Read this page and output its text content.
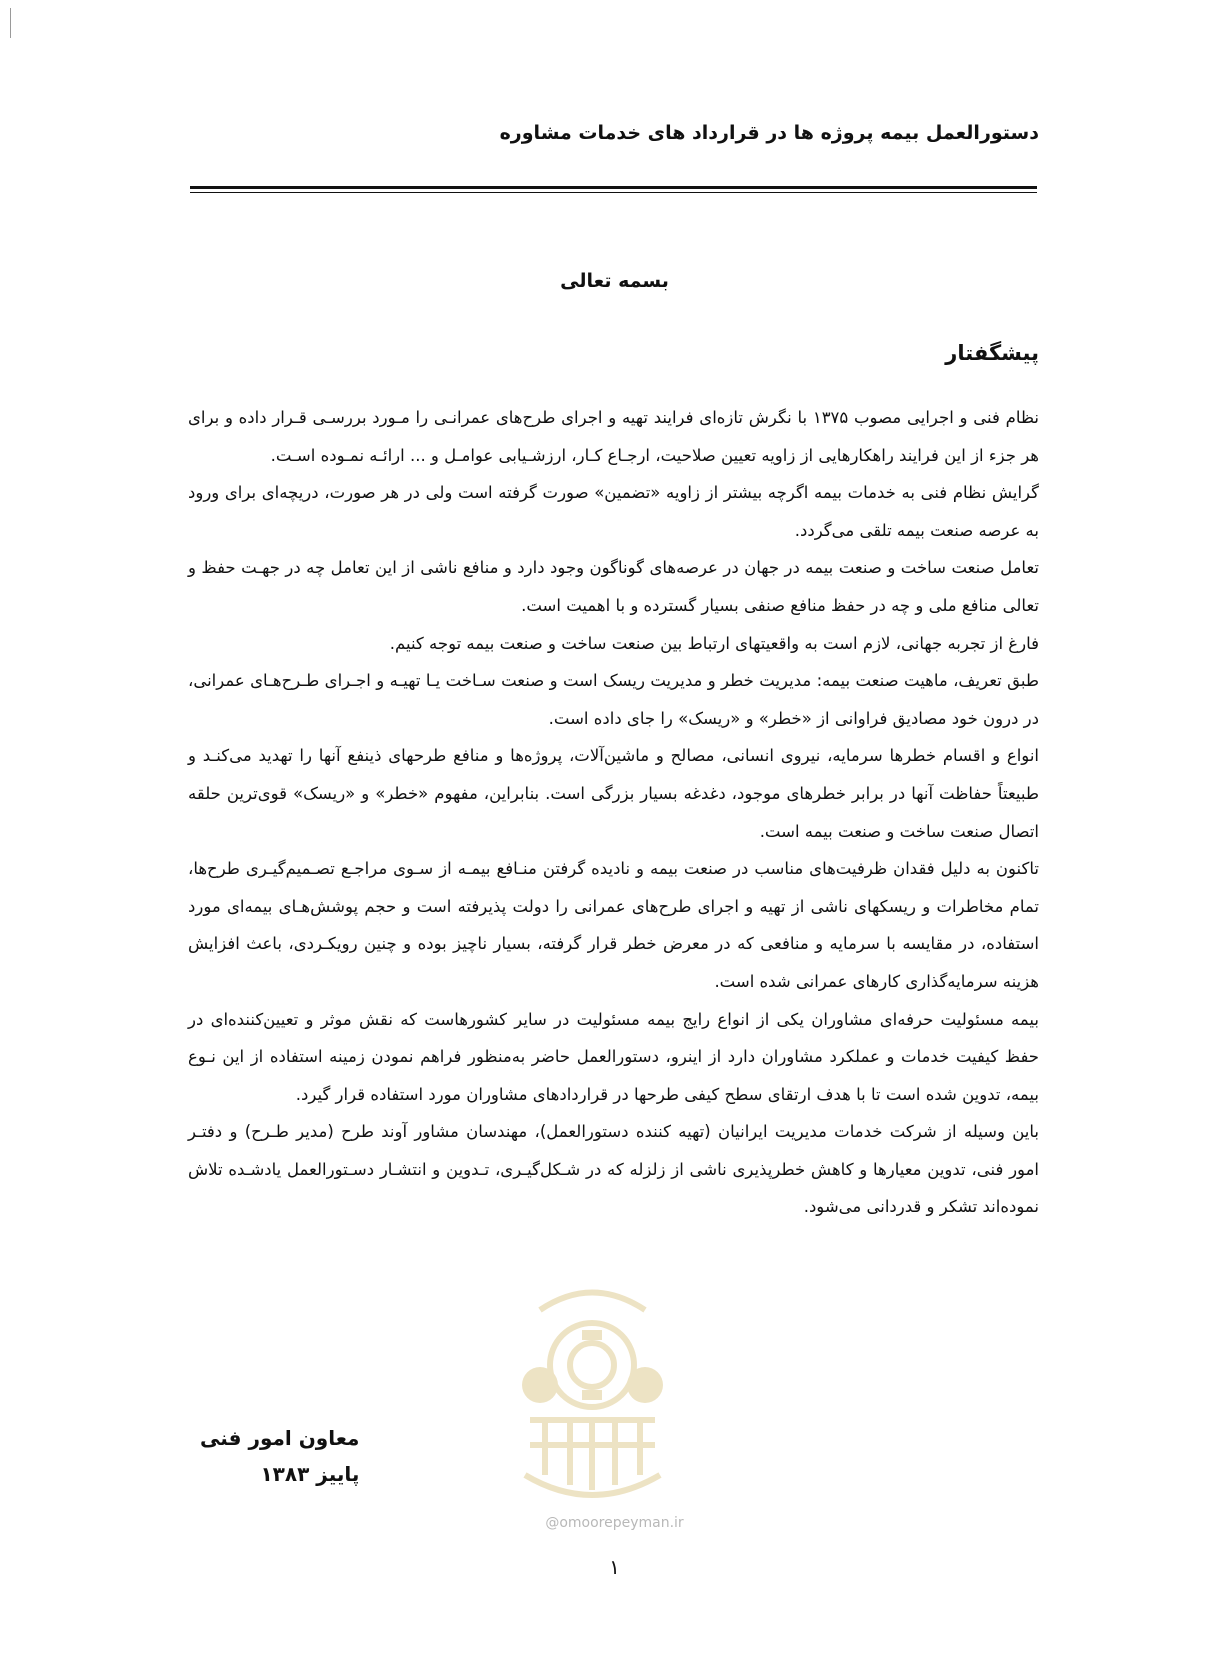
دستورالعمل بیمه پروژه ها در قرارداد های خدمات مشاوره
بسمه تعالی
پیشگفتار

نظام فنی و اجرایی مصوب ۱۳۷۵ با نگرش تازه‌ای فرایند تهیه و اجرای طرح‌های عمرانـی را مـورد بررسـی قـرار داده و برای هر جزء از این فرایند راهکارهایی از زاویه تعیین صلاحیت، ارجـاع کـار، ارزشـیابی عوامـل و ... ارائـه نمـوده اسـت.

گرایش نظام فنی به خدمات بیمه اگرچه بیشتر از زاویه «تضمین» صورت گرفته است ولی در هر صورت، دریچه‌ای برای ورود به عرصه صنعت بیمه تلقی می‌گردد.

تعامل صنعت ساخت و صنعت بیمه در جهان در عرصه‌های گوناگون وجود دارد و منافع ناشی از این تعامل چه در جهـت حفظ و تعالی منافع ملی و چه در حفظ منافع صنفی بسیار گسترده و با اهمیت است.

فارغ از تجربه جهانی، لازم است به واقعیتهای ارتباط بین صنعت ساخت و صنعت بیمه توجه کنیم.

طبق تعریف، ماهیت صنعت بیمه: مدیریت خطر و مدیریت ریسک است و صنعت سـاخت یـا تهیـه و اجـرای طـرح‌هـای عمرانی، در درون خود مصادیق فراوانی از «خطر» و «ریسک» را جای داده است.

انواع و اقسام خطرها سرمایه، نیروی انسانی، مصالح و ماشین‌آلات، پروژه‌ها و منافع طرحهای ذینفع آنها را تهدید می‌کنـد و طبیعتاً حفاظت آنها در برابر خطرهای موجود، دغدغه بسیار بزرگی است. بنابراین، مفهوم «خطر» و «ریسک» قوی‌ترین حلقه اتصال صنعت ساخت و صنعت بیمه است.

تاکنون به دلیل فقدان ظرفیت‌های مناسب در صنعت بیمه و نادیده گرفتن منـافع بیمـه از سـوی مراجـع تصـمیم‌گیـری طرح‌ها، تمام مخاطرات و ریسکهای ناشی از تهیه و اجرای طرح‌های عمرانی را دولت پذیرفته است و حجم پوشش‌هـای بیمه‌ای مورد استفاده، در مقایسه با سرمایه و منافعی که در معرض خطر قرار گرفته، بسیار ناچیز بوده و چنین رویکـردی، باعث افزایش هزینه سرمایه‌گذاری کارهای عمرانی شده است.

بیمه مسئولیت حرفه‌ای مشاوران یکی از انواع رایج بیمه مسئولیت در سایر کشورهاست که نقش موثر و تعیین‌کننده‌ای در حفظ کیفیت خدمات و عملکرد مشاوران دارد از اینرو، دستورالعمل حاضر به‌منظور فراهم نمودن زمینه استفاده از این نـوع بیمه، تدوین شده است تا با هدف ارتقای سطح کیفی طرحها در قراردادهای مشاوران مورد استفاده قرار گیرد.

باین وسیله از شرکت خدمات مدیریت ایرانیان (تهیه کننده دستورالعمل)، مهندسان مشاور آوند طرح (مدیر طـرح) و دفتـر امور فنی، تدوین معیارها و کاهش خطرپذیری ناشی از زلزله که در شـکل‌گیـری، تـدوین و انتشـار دسـتورالعمل یادشـده تلاش نموده‌اند تشکر و قدردانی می‌شود.

معاون امور فنی
پاییز ۱۳۸۳
@omoorepeyman.ir
۱
